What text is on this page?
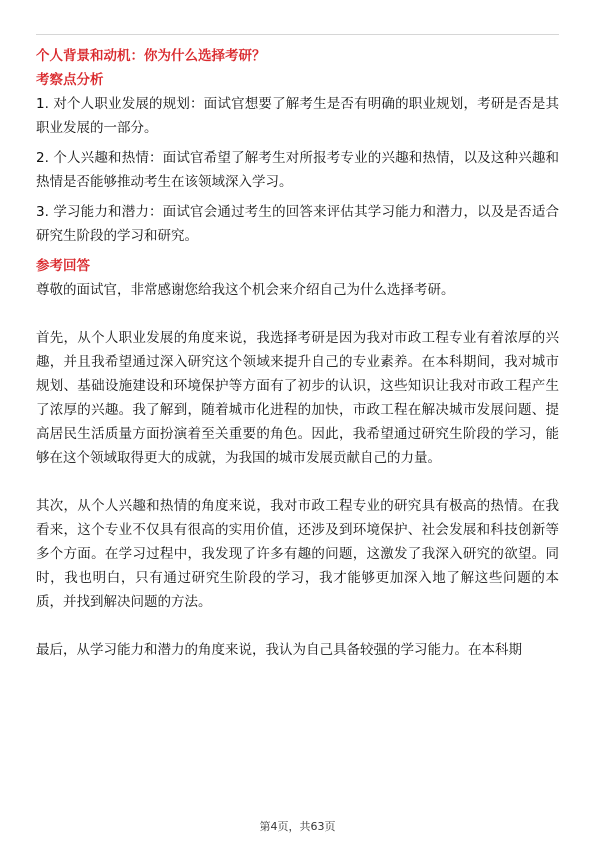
个人背景和动机：你为什么选择考研？

考察点分析

1. 对个人职业发展的规划：面试官想要了解考生是否有明确的职业规划，考研是否是其职业发展的一部分。

2. 个人兴趣和热情：面试官希望了解考生对所报考专业的兴趣和热情，以及这种兴趣和热情是否能够推动考生在该领域深入学习。

3. 学习能力和潜力：面试官会通过考生的回答来评估其学习能力和潜力，以及是否适合研究生阶段的学习和研究。

参考回答

尊敬的面试官，非常感谢您给我这个机会来介绍自己为什么选择考研。

首先，从个人职业发展的角度来说，我选择考研是因为我对市政工程专业有着浓厚的兴趣，并且我希望通过深入研究这个领域来提升自己的专业素养。在本科期间，我对城市规划、基础设施建设和环境保护等方面有了初步的认识，这些知识让我对市政工程产生了浓厚的兴趣。我了解到，随着城市化进程的加快，市政工程在解决城市发展问题、提高居民生活质量方面扮演着至关重要的角色。因此，我希望通过研究生阶段的学习，能够在这个领域取得更大的成就，为我国的城市发展贡献自己的力量。

其次，从个人兴趣和热情的角度来说，我对市政工程专业的研究具有极高的热情。在我看来，这个专业不仅具有很高的实用价值，还涉及到环境保护、社会发展和科技创新等多个方面。在学习过程中，我发现了许多有趣的问题，这激发了我深入研究的欲望。同时，我也明白，只有通过研究生阶段的学习，我才能够更加深入地了解这些问题的本质，并找到解决问题的方法。

最后，从学习能力和潜力的角度来说，我认为自己具备较强的学习能力。在本科期

第4页，共63页
